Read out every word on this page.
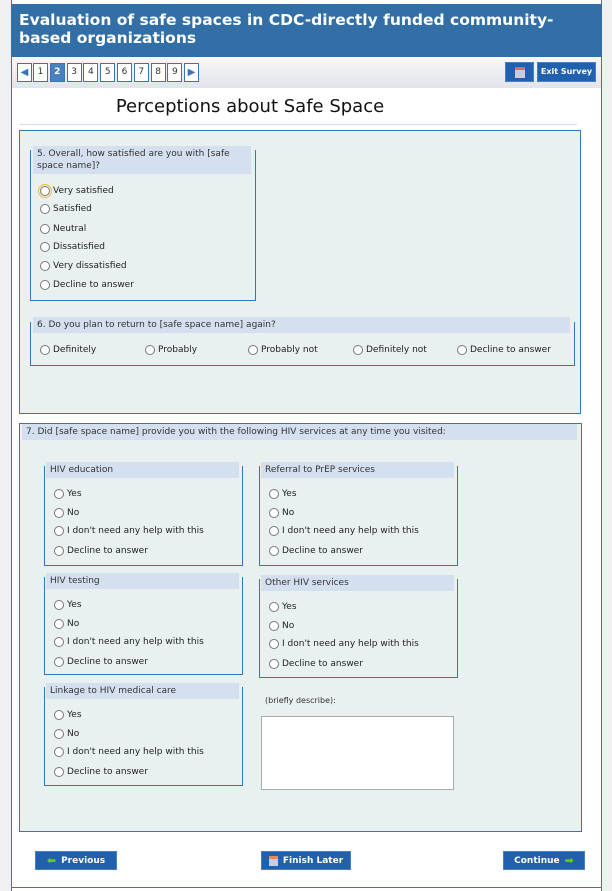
Evaluation of safe spaces in CDC-directly funded community-based organizations
◀	1	2	3	4	5	6	7	8	9 ▶	Exit Survey
Perceptions about Safe Space
5. Overall, how satisfied are you with [safe space name]?
Very satisfied
Satisfied
Neutral
Dissatisfied
Very dissatisfied
Decline to answer
6. Do you plan to return to [safe space name] again?
Definitely	Probably	Probably not	Definitely not	Decline to answer
7. Did [safe space name] provide you with the following HIV services at any time you visited:
HIV education
Yes
No
I don't need any help with this
Decline to answer
HIV testing
Yes
No
I don't need any help with this
Decline to answer
Linkage to HIV medical care
Yes
No
I don't need any help with this
Decline to answer
Referral to PrEP services
Yes
No
I don't need any help with this
Decline to answer
Other HIV services
Yes
No
I don't need any help with this
Decline to answer
(briefly describe):
⬅ Previous	Finish Later	Continue ➡
